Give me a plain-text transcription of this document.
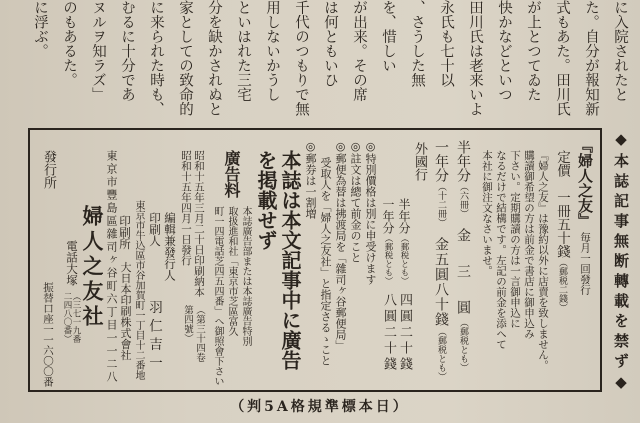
に入院されたと
た。自分が報知新
式もあた。田川氏
が上とつてゐた
快かなどといつ
田川氏は老来いよ
永氏も七十以
、さうした無
を、惜しい
が出来。その席
は何ともいひ
千代のつもりで無
用しないかうし
といはれた三宅
分を缺かされぬと
家としての致命的
に来られた時も、
むるに十分であ
ヌルヲ知ラズ」
のもあるた。
に浮ぶ。
◆本誌記事無断轉載を禁ず◆
『婦人之友』毎月一回發行
定價　一冊五十錢（郵税二錢）
『婦人之友』は豫約以外に店賣を致しません。
購讀御希望の方は前金で書店に御申込み
下さい。定期購讀の方は一言御申込に
なるだけで結構です。左記の前金を添へて
本社に御注文なさいませ。
半年分（六冊）金　三　圓（郵税とも）
一年分（十二冊）金五圓八十錢（郵税とも）
外國行
半年分（郵税とも）四圓二十錢
一年分（郵税とも）八圓二十錢
◎特別價格は別に申受けます
◎註文は總て前金のこと
◎郵便為替は拂渡局を「雜司ヶ谷郵便局」
受取人を「婦人之友社」と指定さるゝこと
◎郵券は一割増
本誌は本文記事中に廣告
を掲載せず
廣告料
本誌廣告部または本誌廣告特別
取扱進和社「東京市芝區富久
町一四電話芝四五四番」へ御照會下さい
昭和十五年三月二十日印刷納本
昭和十五年四月一日發行
（第三十四卷
第四號）
編輯兼發行人
印刷人
羽仁吉一
東京市牛込區市谷加賀町一丁目十二番地
印刷所大日本印刷株式會社
東京市豐島區雜司ヶ谷町六丁目一一二八
婦人之友社
電話大塚
（三七一九番
二四八〇番）
發行所
振替口座一一六〇〇番
（日本標準規格A5判）
